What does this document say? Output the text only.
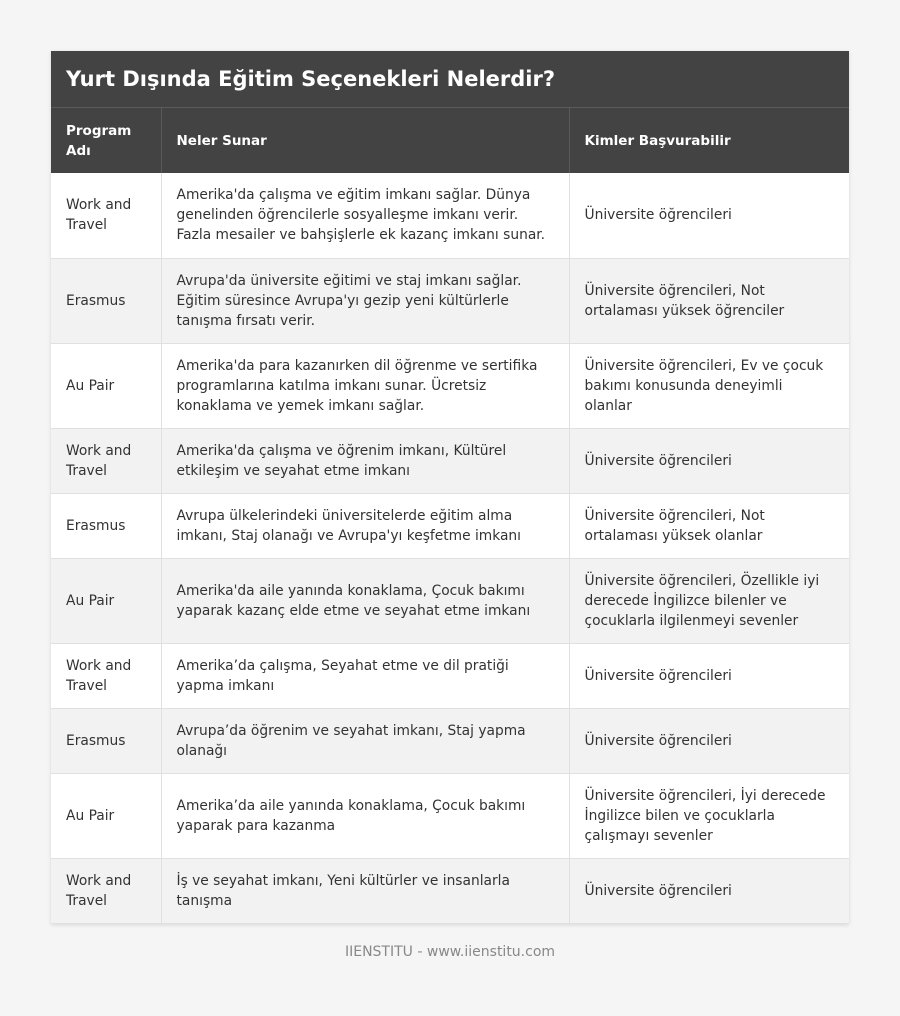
Yurt Dışında Eğitim Seçenekleri Nelerdir?
Program Adı	Neler Sunar	Kimler Başvurabilir
Work and Travel	Amerika'da çalışma ve eğitim imkanı sağlar. Dünya genelinden öğrencilerle sosyalleşme imkanı verir. Fazla mesailer ve bahşişlerle ek kazanç imkanı sunar.	Üniversite öğrencileri
Erasmus	Avrupa'da üniversite eğitimi ve staj imkanı sağlar. Eğitim süresince Avrupa'yı gezip yeni kültürlerle tanışma fırsatı verir.	Üniversite öğrencileri, Not ortalaması yüksek öğrenciler
Au Pair	Amerika'da para kazanırken dil öğrenme ve sertifika programlarına katılma imkanı sunar. Ücretsiz konaklama ve yemek imkanı sağlar.	Üniversite öğrencileri, Ev ve çocuk bakımı konusunda deneyimli olanlar
Work and Travel	Amerika'da çalışma ve öğrenim imkanı, Kültürel etkileşim ve seyahat etme imkanı	Üniversite öğrencileri
Erasmus	Avrupa ülkelerindeki üniversitelerde eğitim alma imkanı, Staj olanağı ve Avrupa'yı keşfetme imkanı	Üniversite öğrencileri, Not ortalaması yüksek olanlar
Au Pair	Amerika'da aile yanında konaklama, Çocuk bakımı yaparak kazanç elde etme ve seyahat etme imkanı	Üniversite öğrencileri, Özellikle iyi derecede İngilizce bilenler ve çocuklarla ilgilenmeyi sevenler
Work and Travel	Amerika’da çalışma, Seyahat etme ve dil pratiği yapma imkanı	Üniversite öğrencileri
Erasmus	Avrupa’da öğrenim ve seyahat imkanı, Staj yapma olanağı	Üniversite öğrencileri
Au Pair	Amerika’da aile yanında konaklama, Çocuk bakımı yaparak para kazanma	Üniversite öğrencileri, İyi derecede İngilizce bilen ve çocuklarla çalışmayı sevenler
Work and Travel	İş ve seyahat imkanı, Yeni kültürler ve insanlarla tanışma	Üniversite öğrencileri
IIENSTITU - www.iienstitu.com
